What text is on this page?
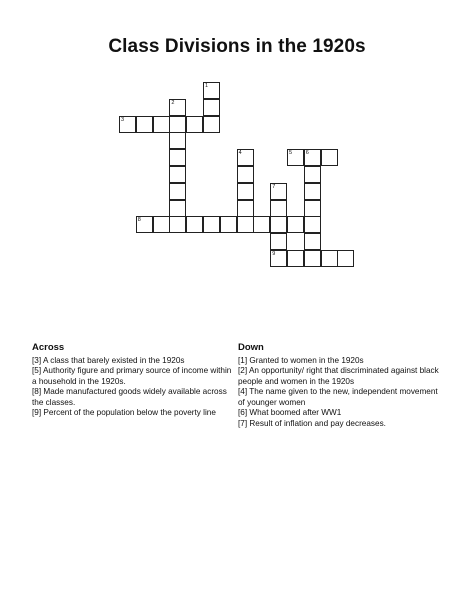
Class Divisions in the 1920s
1
2
3
4	5 6
7
8
9
Across
[3] A class that barely existed in the 1920s
[5] Authority figure and primary source of income within a household in the 1920s.
[8] Made manufactured goods widely available across the classes.
[9] Percent of the population below the poverty line
Down
[1] Granted to women in the 1920s
[2] An opportunity/ right that discriminated against black people and women in the 1920s
[4] The name given to the new, independent movement of younger women
[6] What boomed after WW1
[7] Result of inflation and pay decreases.
